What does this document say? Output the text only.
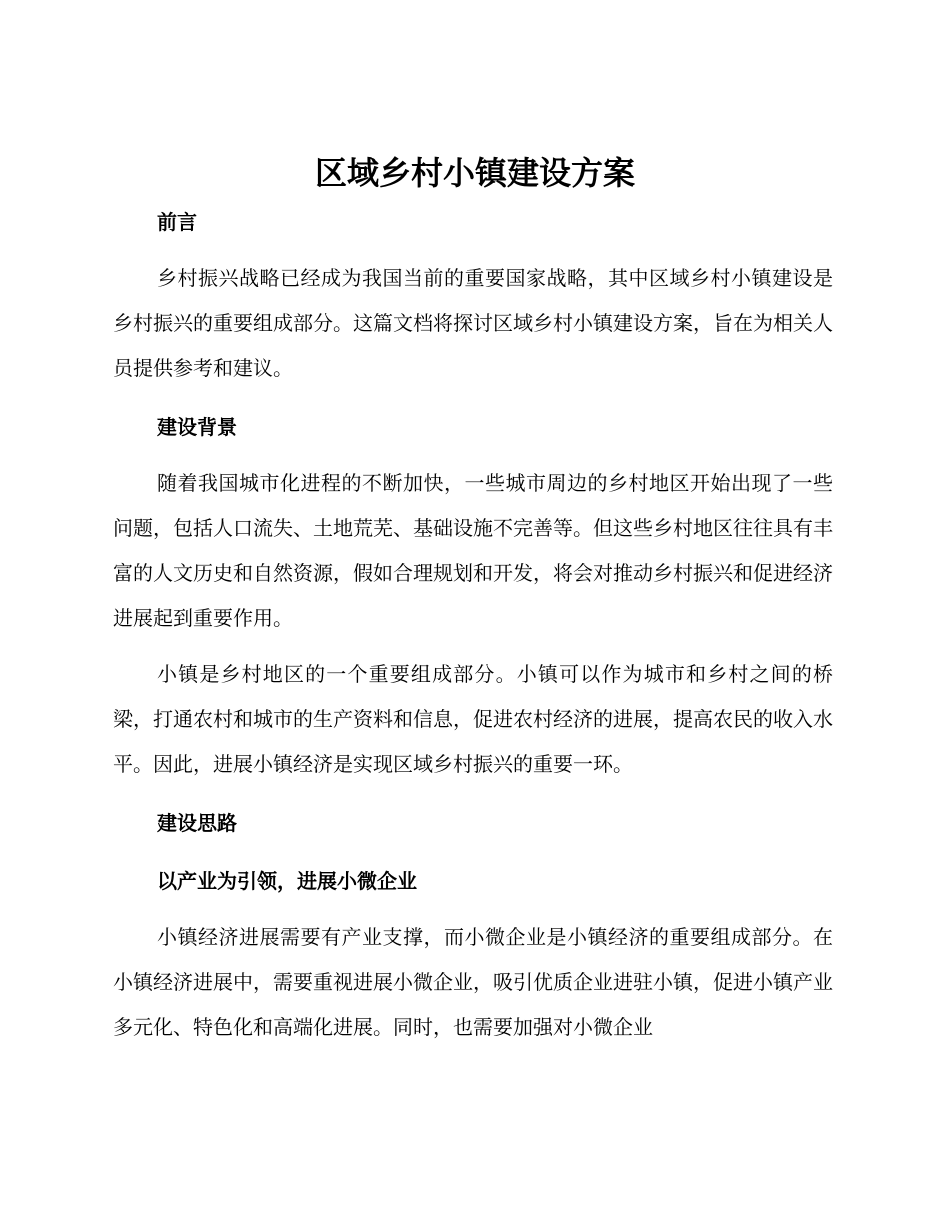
区域乡村小镇建设方案
前言
乡村振兴战略已经成为我国当前的重要国家战略，其中区域乡村小镇建设是乡村振兴的重要组成部分。这篇文档将探讨区域乡村小镇建设方案，旨在为相关人员提供参考和建议。
建设背景
随着我国城市化进程的不断加快，一些城市周边的乡村地区开始出现了一些问题，包括人口流失、土地荒芜、基础设施不完善等。但这些乡村地区往往具有丰富的人文历史和自然资源，假如合理规划和开发，将会对推动乡村振兴和促进经济进展起到重要作用。
小镇是乡村地区的一个重要组成部分。小镇可以作为城市和乡村之间的桥梁，打通农村和城市的生产资料和信息，促进农村经济的进展，提高农民的收入水平。因此，进展小镇经济是实现区域乡村振兴的重要一环。
建设思路
以产业为引领，进展小微企业
小镇经济进展需要有产业支撑，而小微企业是小镇经济的重要组成部分。在小镇经济进展中，需要重视进展小微企业，吸引优质企业进驻小镇，促进小镇产业多元化、特色化和高端化进展。同时，也需要加强对小微企业
